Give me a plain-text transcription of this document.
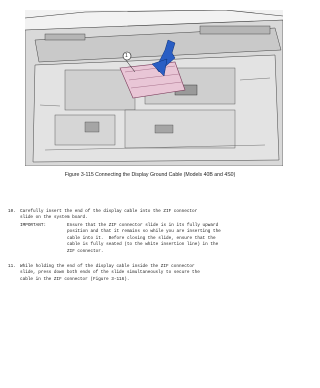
1
Figure 3-115 Connecting the Display Ground Cable (Models 40B and 4S0)
10. Carefully insert the end of the display cable into the ZIF connector
slide on the system board.
IMPORTANT:	Ensure that the ZIF connector slide is in its fully upward
position and that it remains so while you are inserting the
cable into it.  Before closing the slide, ensure that the
cable is fully seated (to the white insertion line) in the
ZIF connector.
11. While holding the end of the display cable inside the ZIF connector
slide, press down both ends of the slide simultaneously to secure the
cable in the ZIF connector (Figure 3-116).
